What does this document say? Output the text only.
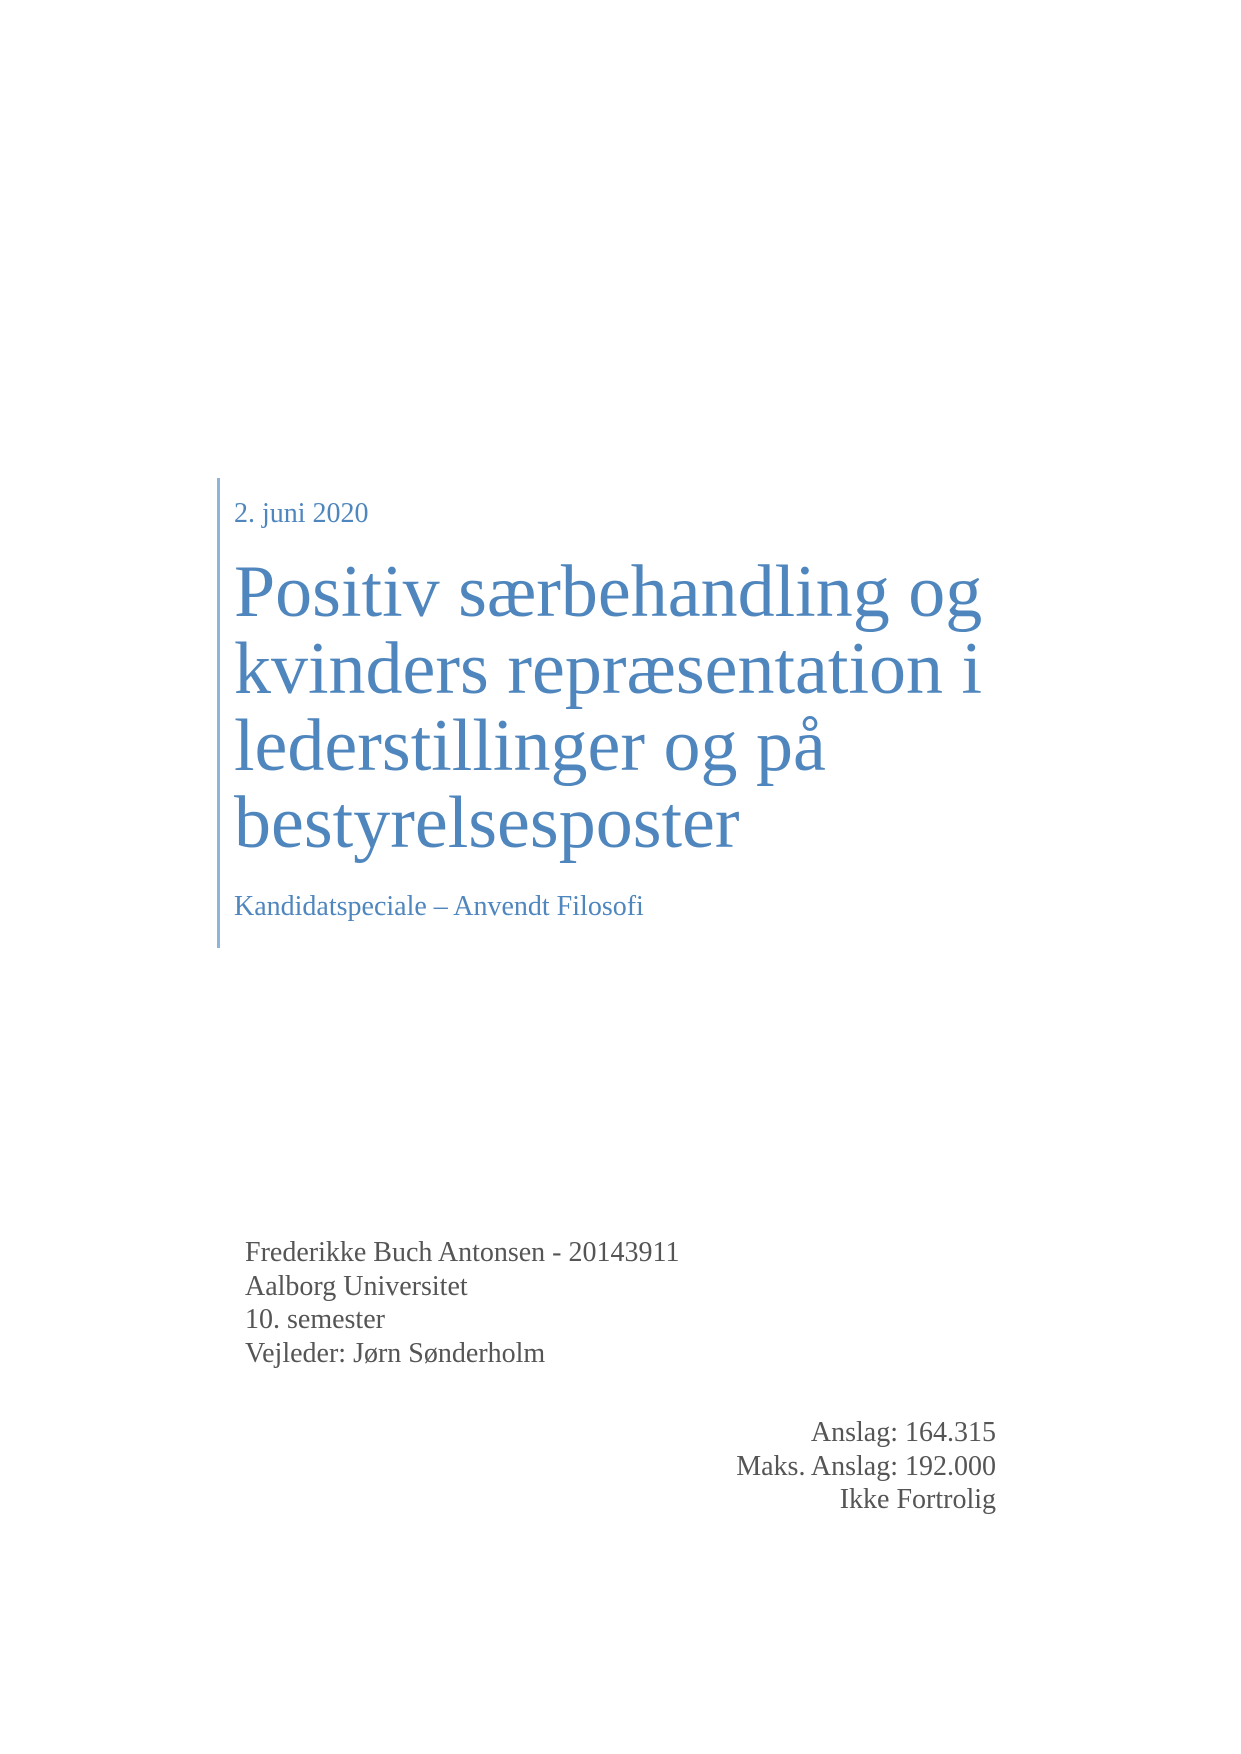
2. juni 2020
Positiv særbehandling og kvinders repræsentation i lederstillinger og på bestyrelsesposter
Kandidatspeciale – Anvendt Filosofi
Frederikke Buch Antonsen - 20143911
Aalborg Universitet
10. semester
Vejleder: Jørn Sønderholm
Anslag: 164.315
Maks. Anslag: 192.000
Ikke Fortrolig
